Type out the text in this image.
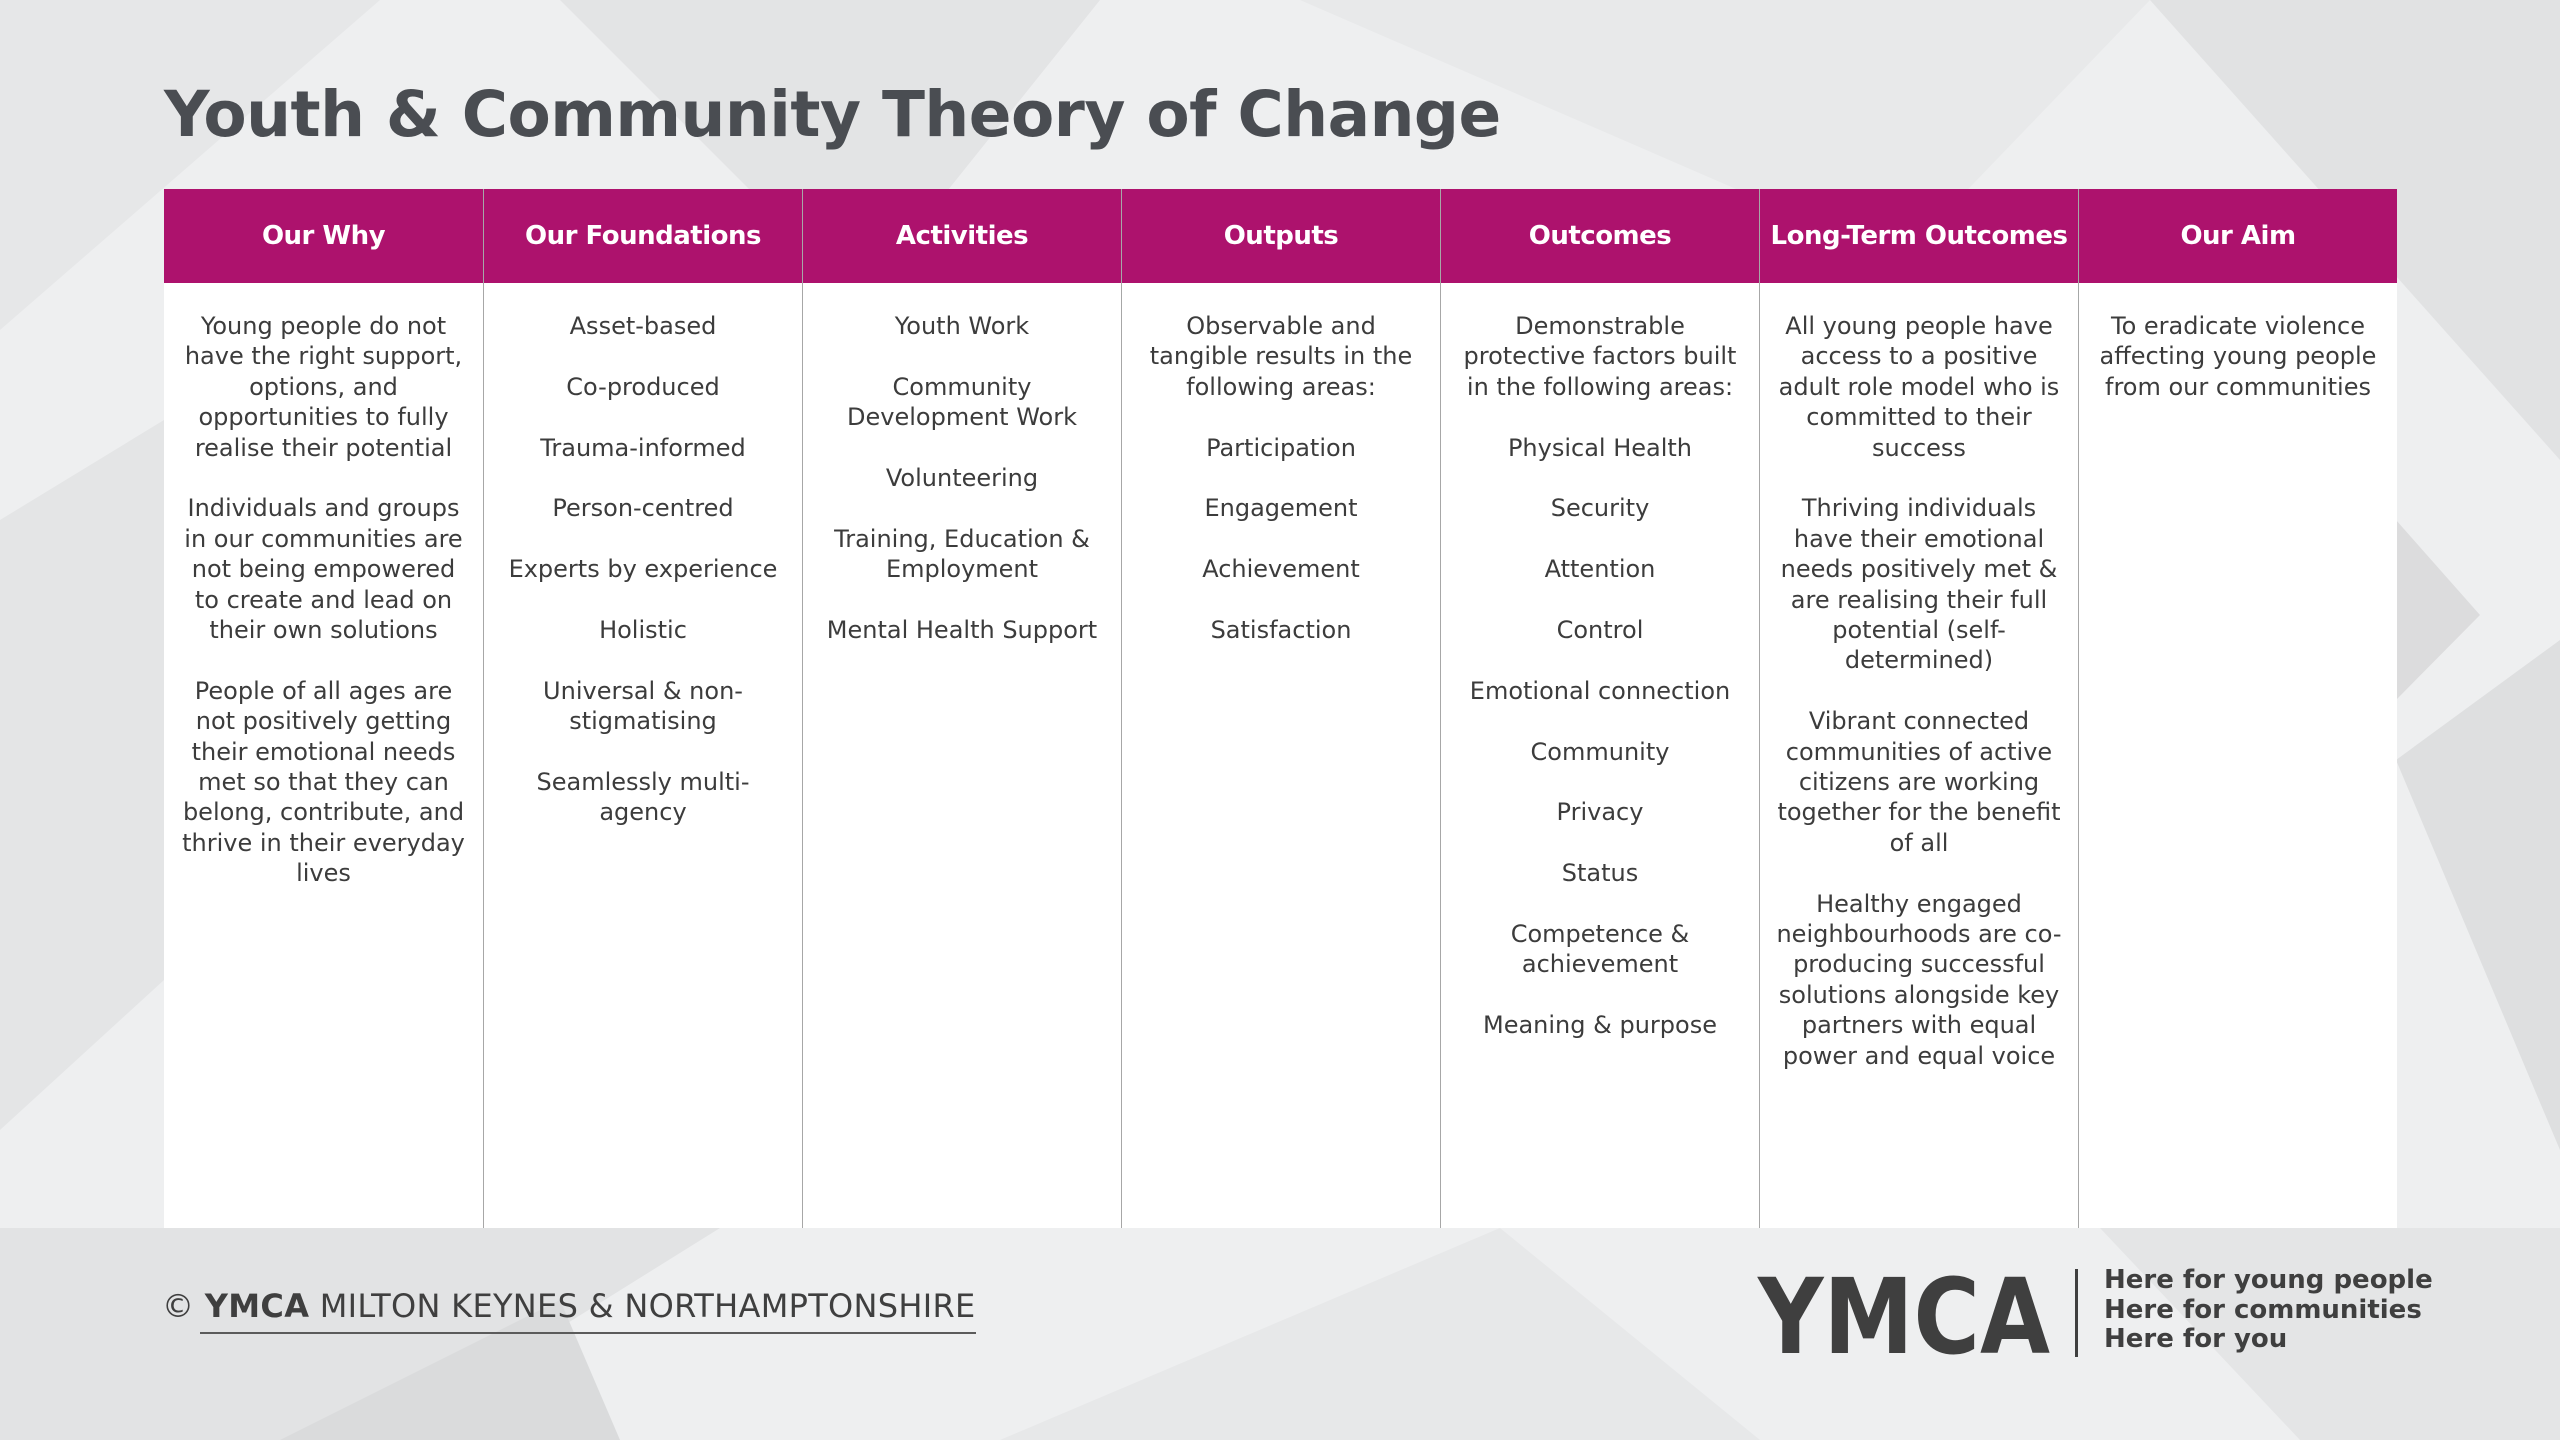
Youth & Community Theory of Change
Our Why

Young people do not have the right support, options, and opportunities to fully realise their potential

Individuals and groups in our communities are not being empowered to create and lead on their own solutions

People of all ages are not positively getting their emotional needs met so that they can belong, contribute, and thrive in their everyday lives

Our Foundations

Asset-based

Co-produced

Trauma-informed

Person-centred

Experts by experience

Holistic

Universal & non-stigmatising

Seamlessly multi-agency

Activities

Youth Work

Community Development Work

Volunteering

Training, Education & Employment

Mental Health Support

Outputs

Observable and tangible results in the following areas:

Participation

Engagement

Achievement

Satisfaction

Outcomes

Demonstrable protective factors built in the following areas:

Physical Health

Security

Attention

Control

Emotional connection

Community

Privacy

Status

Competence & achievement

Meaning & purpose

Long-Term Outcomes

All young people have access to a positive adult role model who is committed to their success

Thriving individuals have their emotional needs positively met & are realising their full potential (self-determined)

Vibrant connected communities of active citizens are working together for the benefit of all

Healthy engaged neighbourhoods are co-producing successful solutions alongside key partners with equal power and equal voice

Our Aim

To eradicate violence affecting young people from our communities

© YMCA MILTON KEYNES & NORTHAMPTONSHIRE	YMCA Here for young people
Here for communities
Here for you
